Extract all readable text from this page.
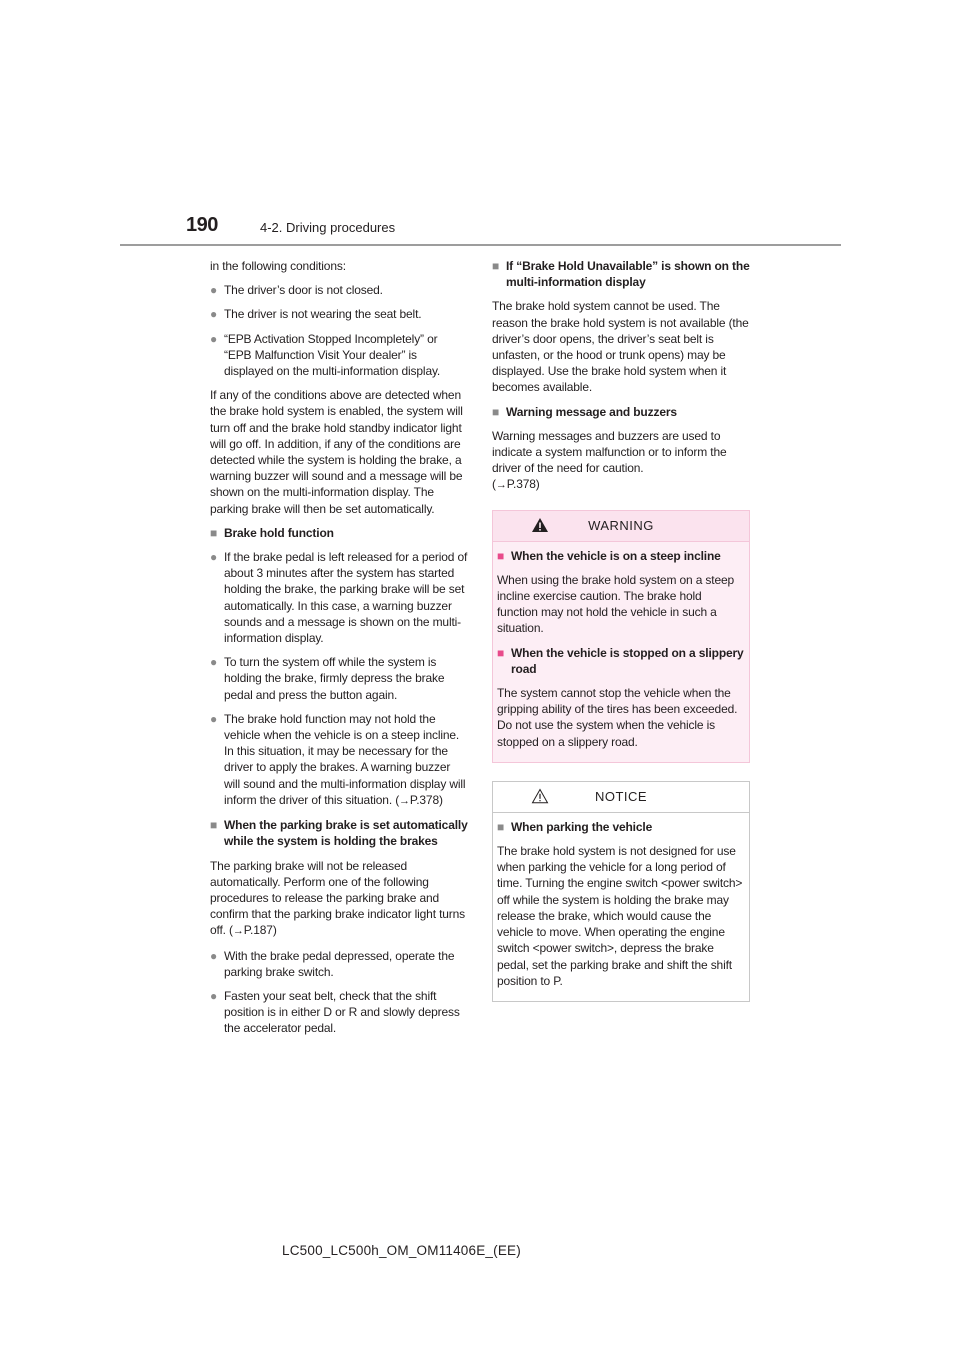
190	4-2. Driving procedures

in the following conditions:

● The driver’s door is not closed.
● The driver is not wearing the seat belt.
● “EPB Activation Stopped Incompletely” or “EPB Malfunction Visit Your dealer” is displayed on the multi-information display.

If any of the conditions above are detected when the brake hold system is enabled, the system will turn off and the brake hold standby indicator light will go off. In addition, if any of the conditions are detected while the system is holding the brake, a warning buzzer will sound and a message will be shown on the multi-information display. The parking brake will then be set automatically.

■ Brake hold function
● If the brake pedal is left released for a period of about 3 minutes after the system has started holding the brake, the parking brake will be set automatically. In this case, a warning buzzer sounds and a message is shown on the multi-information display.
● To turn the system off while the system is holding the brake, firmly depress the brake pedal and press the button again.
● The brake hold function may not hold the vehicle when the vehicle is on a steep incline. In this situation, it may be necessary for the driver to apply the brakes. A warning buzzer will sound and the multi-information display will inform the driver of this situation. (→P.378)
■ When the parking brake is set automatically while the system is holding the brakes

The parking brake will not be released automatically. Perform one of the following procedures to release the parking brake and confirm that the parking brake indicator light turns off. (→P.187)

● With the brake pedal depressed, operate the parking brake switch.
● Fasten your seat belt, check that the shift position is in either D or R and slowly depress the accelerator pedal.
■ If “Brake Hold Unavailable” is shown on the multi-information display

The brake hold system cannot be used. The reason the brake hold system is not available (the driver’s door opens, the driver’s seat belt is unfasten, or the hood or trunk opens) may be displayed. Use the brake hold system when it becomes available.

■ Warning message and buzzers

Warning messages and buzzers are used to indicate a system malfunction or to inform the driver of the need for caution.
(→P.378)

WARNING
■ When the vehicle is on a steep incline

When using the brake hold system on a steep incline exercise caution. The brake hold function may not hold the vehicle in such a situation.

■ When the vehicle is stopped on a slippery road

The system cannot stop the vehicle when the gripping ability of the tires has been exceeded. Do not use the system when the vehicle is stopped on a slippery road.

NOTICE
■ When parking the vehicle

The brake hold system is not designed for use when parking the vehicle for a long period of time. Turning the engine switch <power switch> off while the system is holding the brake may release the brake, which would cause the vehicle to move. When operating the engine switch <power switch>, depress the brake pedal, set the parking brake and shift the shift position to P.

LC500_LC500h_OM_OM11406E_(EE)
